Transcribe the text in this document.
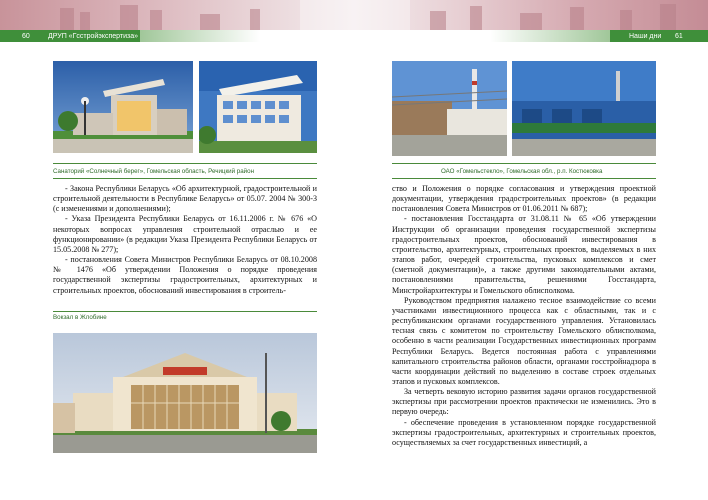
60	ДРУП «Гсстройэкспертиза»	Наши дни 61
Санаторий «Солнечный берег», Гомельская область, Речицкий район

- Закона Республики Беларусь «Об архитектурной, градостроительной и строительной деятельности в Республике Беларусь» от 05.07. 2004 № 300-З (с изменениями и дополнениями);

- Указа Президента Республики Беларусь от 16.11.2006 г. № 676 «О некоторых вопросах управления строительной отраслью и ее функционировании» (в редакции Указа Президента Республики Беларусь от 15.05.2008 № 277);

- постановления Совета Министров Республики Беларусь от 08.10.2008 № 1476 «Об утверждении Положения о порядке проведения государственной экспертизы градостроительных, архитектурных и строительных проектов, обоснований инвестирования в строитель-

Вокзал в Жлобине
ОАО «Гомельстекло», Гомельская обл., р.п. Костюковка

ство и Положения о порядке согласования и утверждения проектной документации, утверждения градостроительных проектов» (в редакции постановления Совета Министров от 01.06.2011 № 687);

- постановления Госстандарта от 31.08.11 № 65 «Об утверждении Инструкции об организации проведения государственной экспертизы градостроительных проектов, обоснований инвестирования в строительство, архитектурных, строительных проектов, выделяемых в них этапов работ, очередей строительства, пусковых комплексов и смет (сметной документации)», а также другими законодательными актами, постановлениями правительства, решениями Госстандарта, Минстройархитектуры и Гомельского облисполкома.

Руководством предприятия налажено тесное взаимодействие со всеми участниками инвестиционного процесса как с областными, так и с республиканским органами государственного управления. Установилась тесная связь с комитетом по строительству Гомельского облисполкома, особенно в части реализации Государственных инвестиционных программ Республики Беларусь. Ведется постоянная работа с управлениями капитального строительства районов области, органами госстройнадзора в части координации действий по выделению в составе строек отдельных этапов и пусковых комплексов.

За четверть вековую историю развития задачи органов государственной экспертизы при рассмотрении проектов практически не изменились. Это в первую очередь:

- обеспечение проведения в установленном порядке государственной экспертизы градостроительных, архитектурных и строительных проектов, осуществляемых за счет государственных инвестиций, а
